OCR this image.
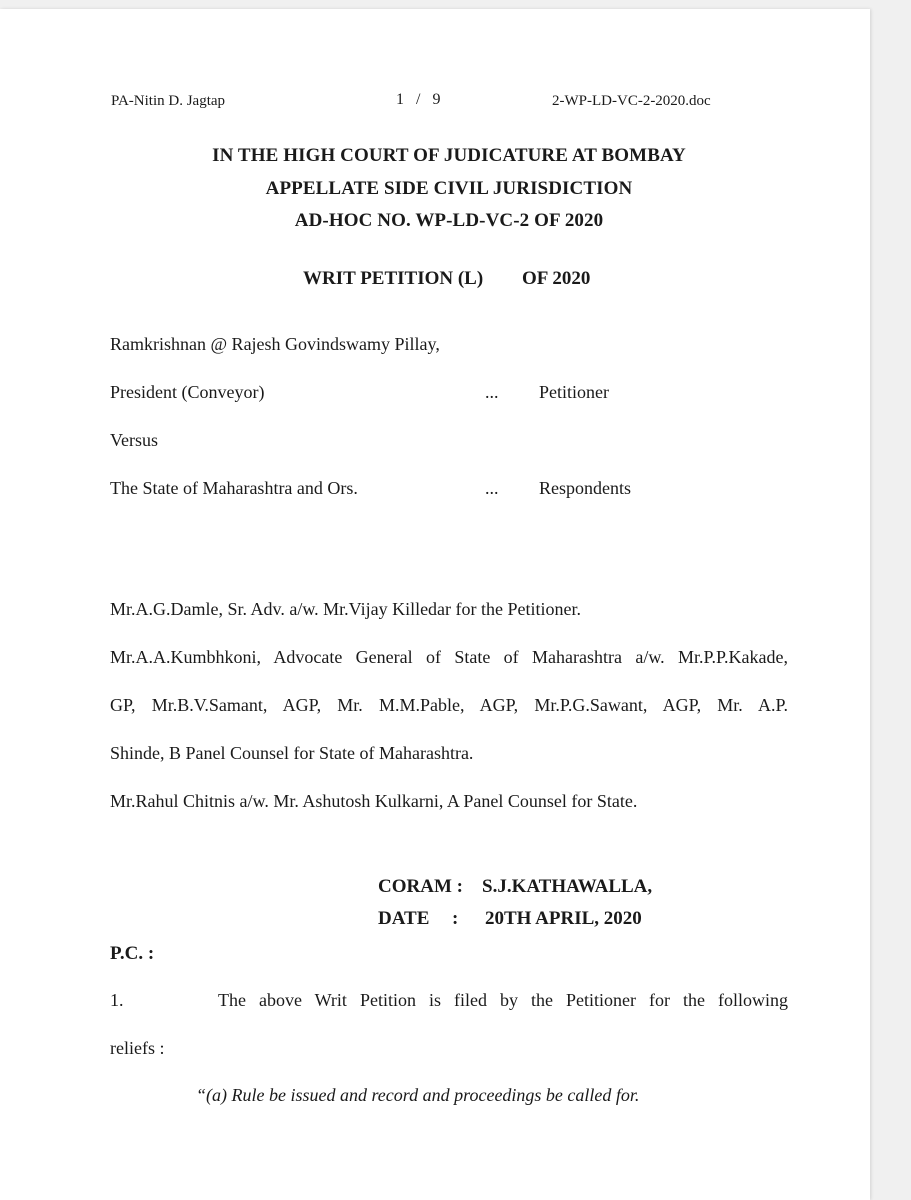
PA-Nitin D. Jagtap	1 / 9	2-WP-LD-VC-2-2020.doc
IN THE HIGH COURT OF JUDICATURE AT BOMBAY
APPELLATE SIDE CIVIL JURISDICTION
AD-HOC NO. WP-LD-VC-2 OF 2020
WRIT PETITION (L) OF 2020
Ramkrishnan @ Rajesh Govindswamy Pillay,
President (Conveyor)	... Petitioner
Versus
The State of Maharashtra and Ors.	... Respondents
Mr.A.G.Damle, Sr. Adv. a/w. Mr.Vijay Killedar for the Petitioner.
Mr.A.A.Kumbhkoni, Advocate General of State of Maharashtra a/w. Mr.P.P.Kakade,
GP, Mr.B.V.Samant, AGP, Mr. M.M.Pable, AGP, Mr.P.G.Sawant, AGP, Mr. A.P.
Shinde, B Panel Counsel for State of Maharashtra.
Mr.Rahul Chitnis a/w. Mr. Ashutosh Kulkarni, A Panel Counsel for State.
CORAM : S.J.KATHAWALLA,
DATE : 20TH APRIL, 2020
P.C. :
1.	The above Writ Petition is filed by the Petitioner for the following
reliefs :
“(a) Rule be issued and record and proceedings be called for.
